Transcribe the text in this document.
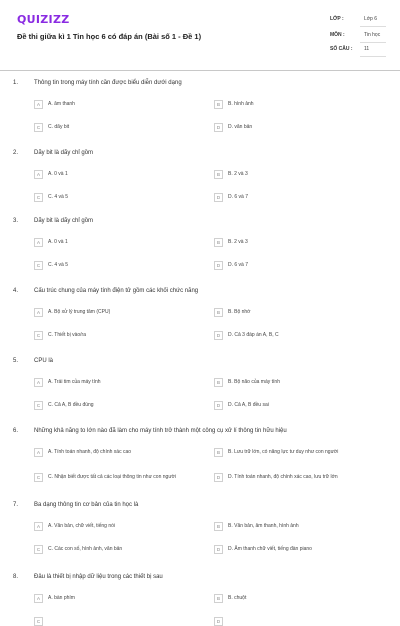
QUIZIZZ
Đề thi giữa kì 1 Tin học 6 có đáp án (Bài số 1 - Đề 1)
LỚP :	Lớp 6
MÔN :	Tin học
SỐ CÂU : 11
1.	Thông tin trong máy tính cần được biểu diễn dưới dạng
A	A. âm thanh	B	B. hình ảnh
C	C. dãy bit	D	D. văn bản
2.	Dãy bit là dãy chỉ gồm
A	A. 0 và 1	B	B. 2 và 3
C	C. 4 và 5	D	D. 6 và 7
3.	Dãy bit là dãy chỉ gồm
A	A. 0 và 1	B	B. 2 và 3
C	C. 4 và 5	D	D. 6 và 7
4.	Cấu trúc chung của máy tính điện tử gồm các khối chức năng
A	A. Bộ xử lý trung tâm (CPU)	B	B. Bộ nhớ
C	C. Thiết bị vào/ra	D	D. Cả 3 đáp án A, B, C
5.	CPU là
A	A. Trái tim của máy tính	B	B. Bộ não của máy tính
C	C. Cả A, B đều đúng	D	D. Cả A, B đều sai
6.	Những khả năng to lớn nào đã làm cho máy tính trở thành một công cụ xử lí thông tin hữu hiệu
A	A. Tính toán nhanh, độ chính xác cao	B	B. Lưu trữ lớn, có năng lực tư duy như con người
C	C. Nhận biết được tất cả các loại thông tin như con người	D	D. Tính toán nhanh, độ chính xác cao, lưu trữ lớn
7.	Ba dạng thông tin cơ bản của tin học là
A	A. Văn bản, chữ viết, tiếng nói	B	B. Văn bản, âm thanh, hình ảnh
C	C. Các con số, hình ảnh, văn bản	D	D. Âm thanh chữ viết, tiếng đàn piano
8.	Đâu là thiết bị nhập dữ liệu trong các thiết bị sau
A	A. bàn phím	B	B. chuột
C	D
